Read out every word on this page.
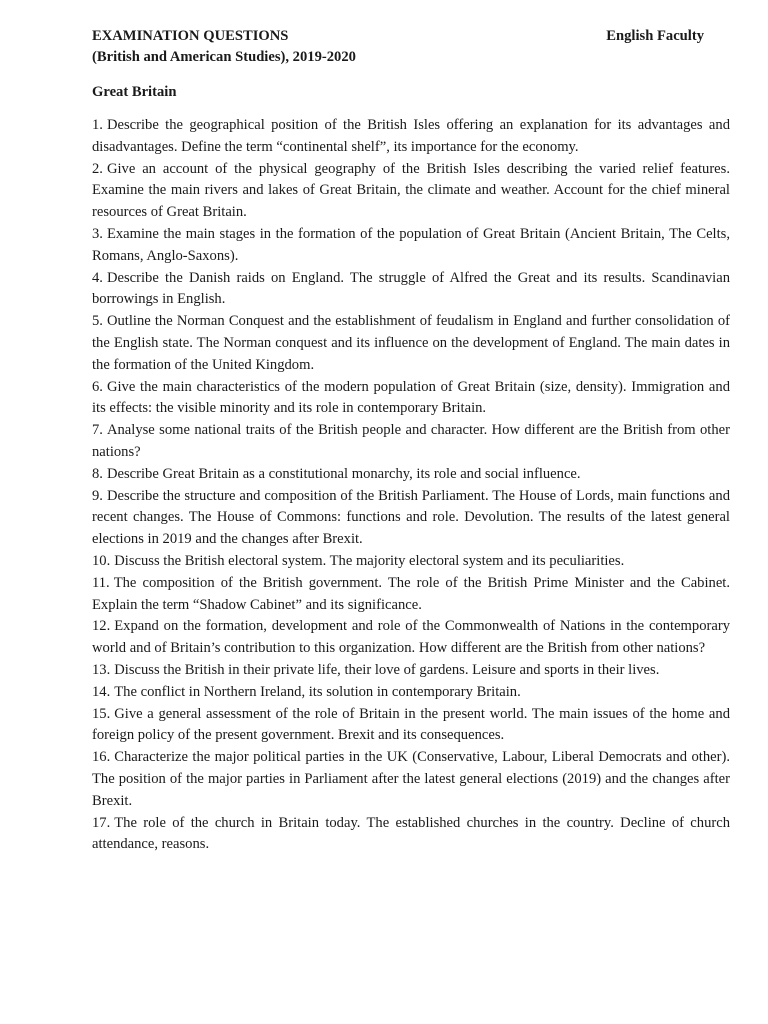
EXAMINATION QUESTIONS
(British and American Studies), 2019-2020
English Faculty
Great Britain
1. Describe the geographical position of the British Isles offering an explanation for its advantages and disadvantages. Define the term “continental shelf”, its importance for the economy.
2. Give an account of the physical geography of the British Isles describing the varied relief features. Examine the main rivers and lakes of Great Britain, the climate and weather. Account for the chief mineral resources of Great Britain.
3. Examine the main stages in the formation of the population of Great Britain (Ancient Britain, The Celts, Romans, Anglo-Saxons).
4. Describe the Danish raids on England. The struggle of Alfred the Great and its results. Scandinavian borrowings in English.
5. Outline the Norman Conquest and the establishment of feudalism in England and further consolidation of the English state. The Norman conquest and its influence on the development of England. The main dates in the formation of the United Kingdom.
6. Give the main characteristics of the modern population of Great Britain (size, density). Immigration and its effects: the visible minority and its role in contemporary Britain.
7. Analyse some national traits of the British people and character. How different are the British from other nations?
8. Describe Great Britain as a constitutional monarchy, its role and social influence.
9. Describe the structure and composition of the British Parliament. The House of Lords, main functions and recent changes. The House of Commons: functions and role. Devolution. The results of the latest general elections in 2019 and the changes after Brexit.
10. Discuss the British electoral system. The majority electoral system and its peculiarities.
11. The composition of the British government. The role of the British Prime Minister and the Cabinet. Explain the term “Shadow Cabinet” and its significance.
12. Expand on the formation, development and role of the Commonwealth of Nations in the contemporary world and of Britain’s contribution to this organization. How different are the British from other nations?
13. Discuss the British in their private life, their love of gardens. Leisure and sports in their lives.
14. The conflict in Northern Ireland, its solution in contemporary Britain.
15. Give a general assessment of the role of Britain in the present world. The main issues of the home and foreign policy of the present government. Brexit and its consequences.
16. Characterize the major political parties in the UK (Conservative, Labour, Liberal Democrats and other). The position of the major parties in Parliament after the latest general elections (2019) and the changes after Brexit.
17. The role of the church in Britain today. The established churches in the country. Decline of church attendance, reasons.
